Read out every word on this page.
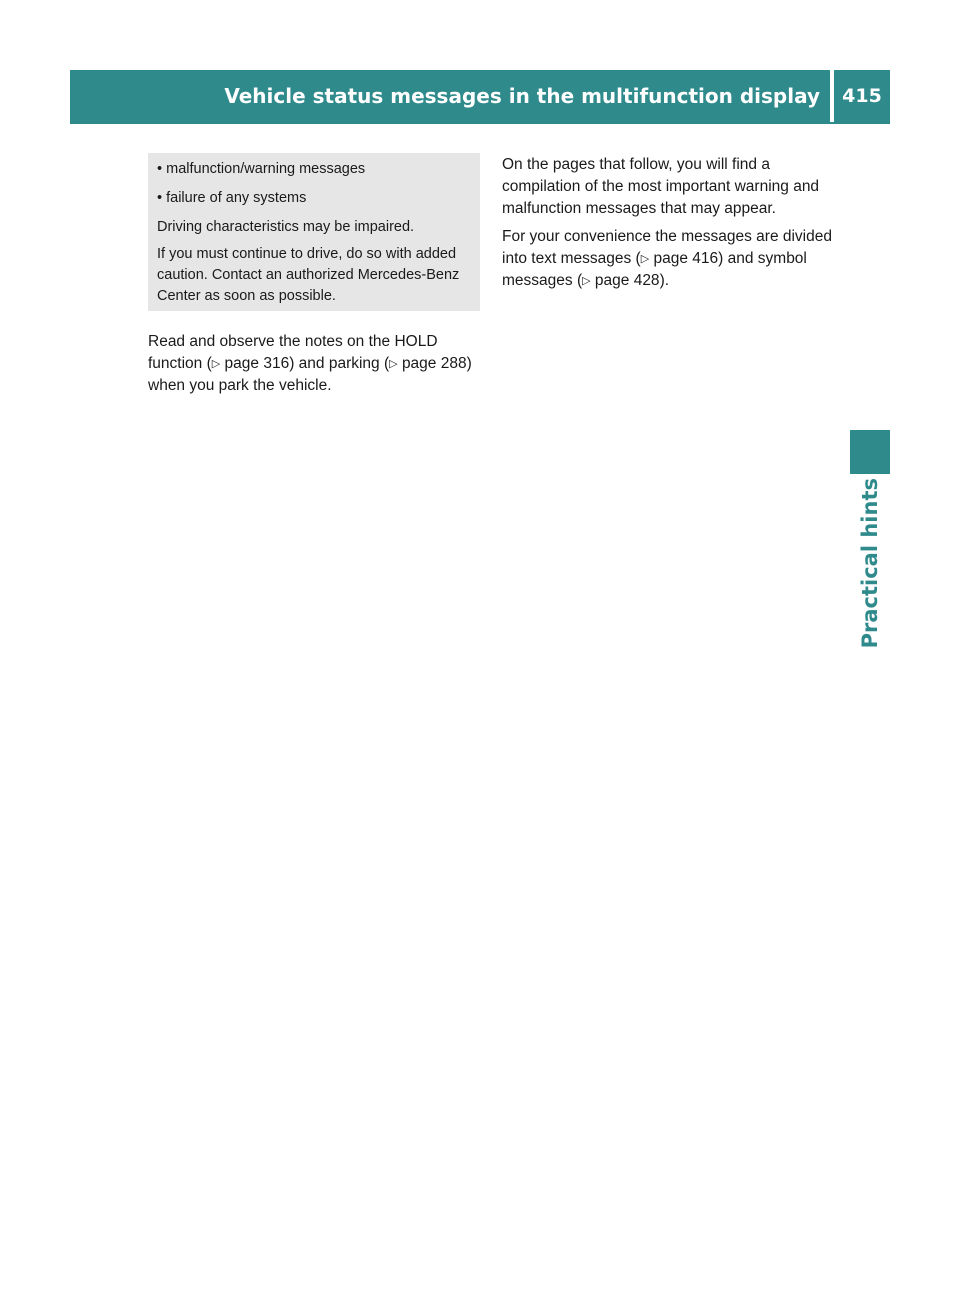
Vehicle status messages in the multifunction display 415
Practical hints
• malfunction/warning messages
• failure of any systems

Driving characteristics may be impaired.

If you must continue to drive, do so with added caution. Contact an authorized Mercedes-Benz Center as soon as possible.

Read and observe the notes on the HOLD function (▷ page 316) and parking (▷ page 288) when you park the vehicle.

On the pages that follow, you will find a compilation of the most important warning and malfunction messages that may appear.

For your convenience the messages are divided into text messages (▷ page 416) and symbol messages (▷ page 428).
